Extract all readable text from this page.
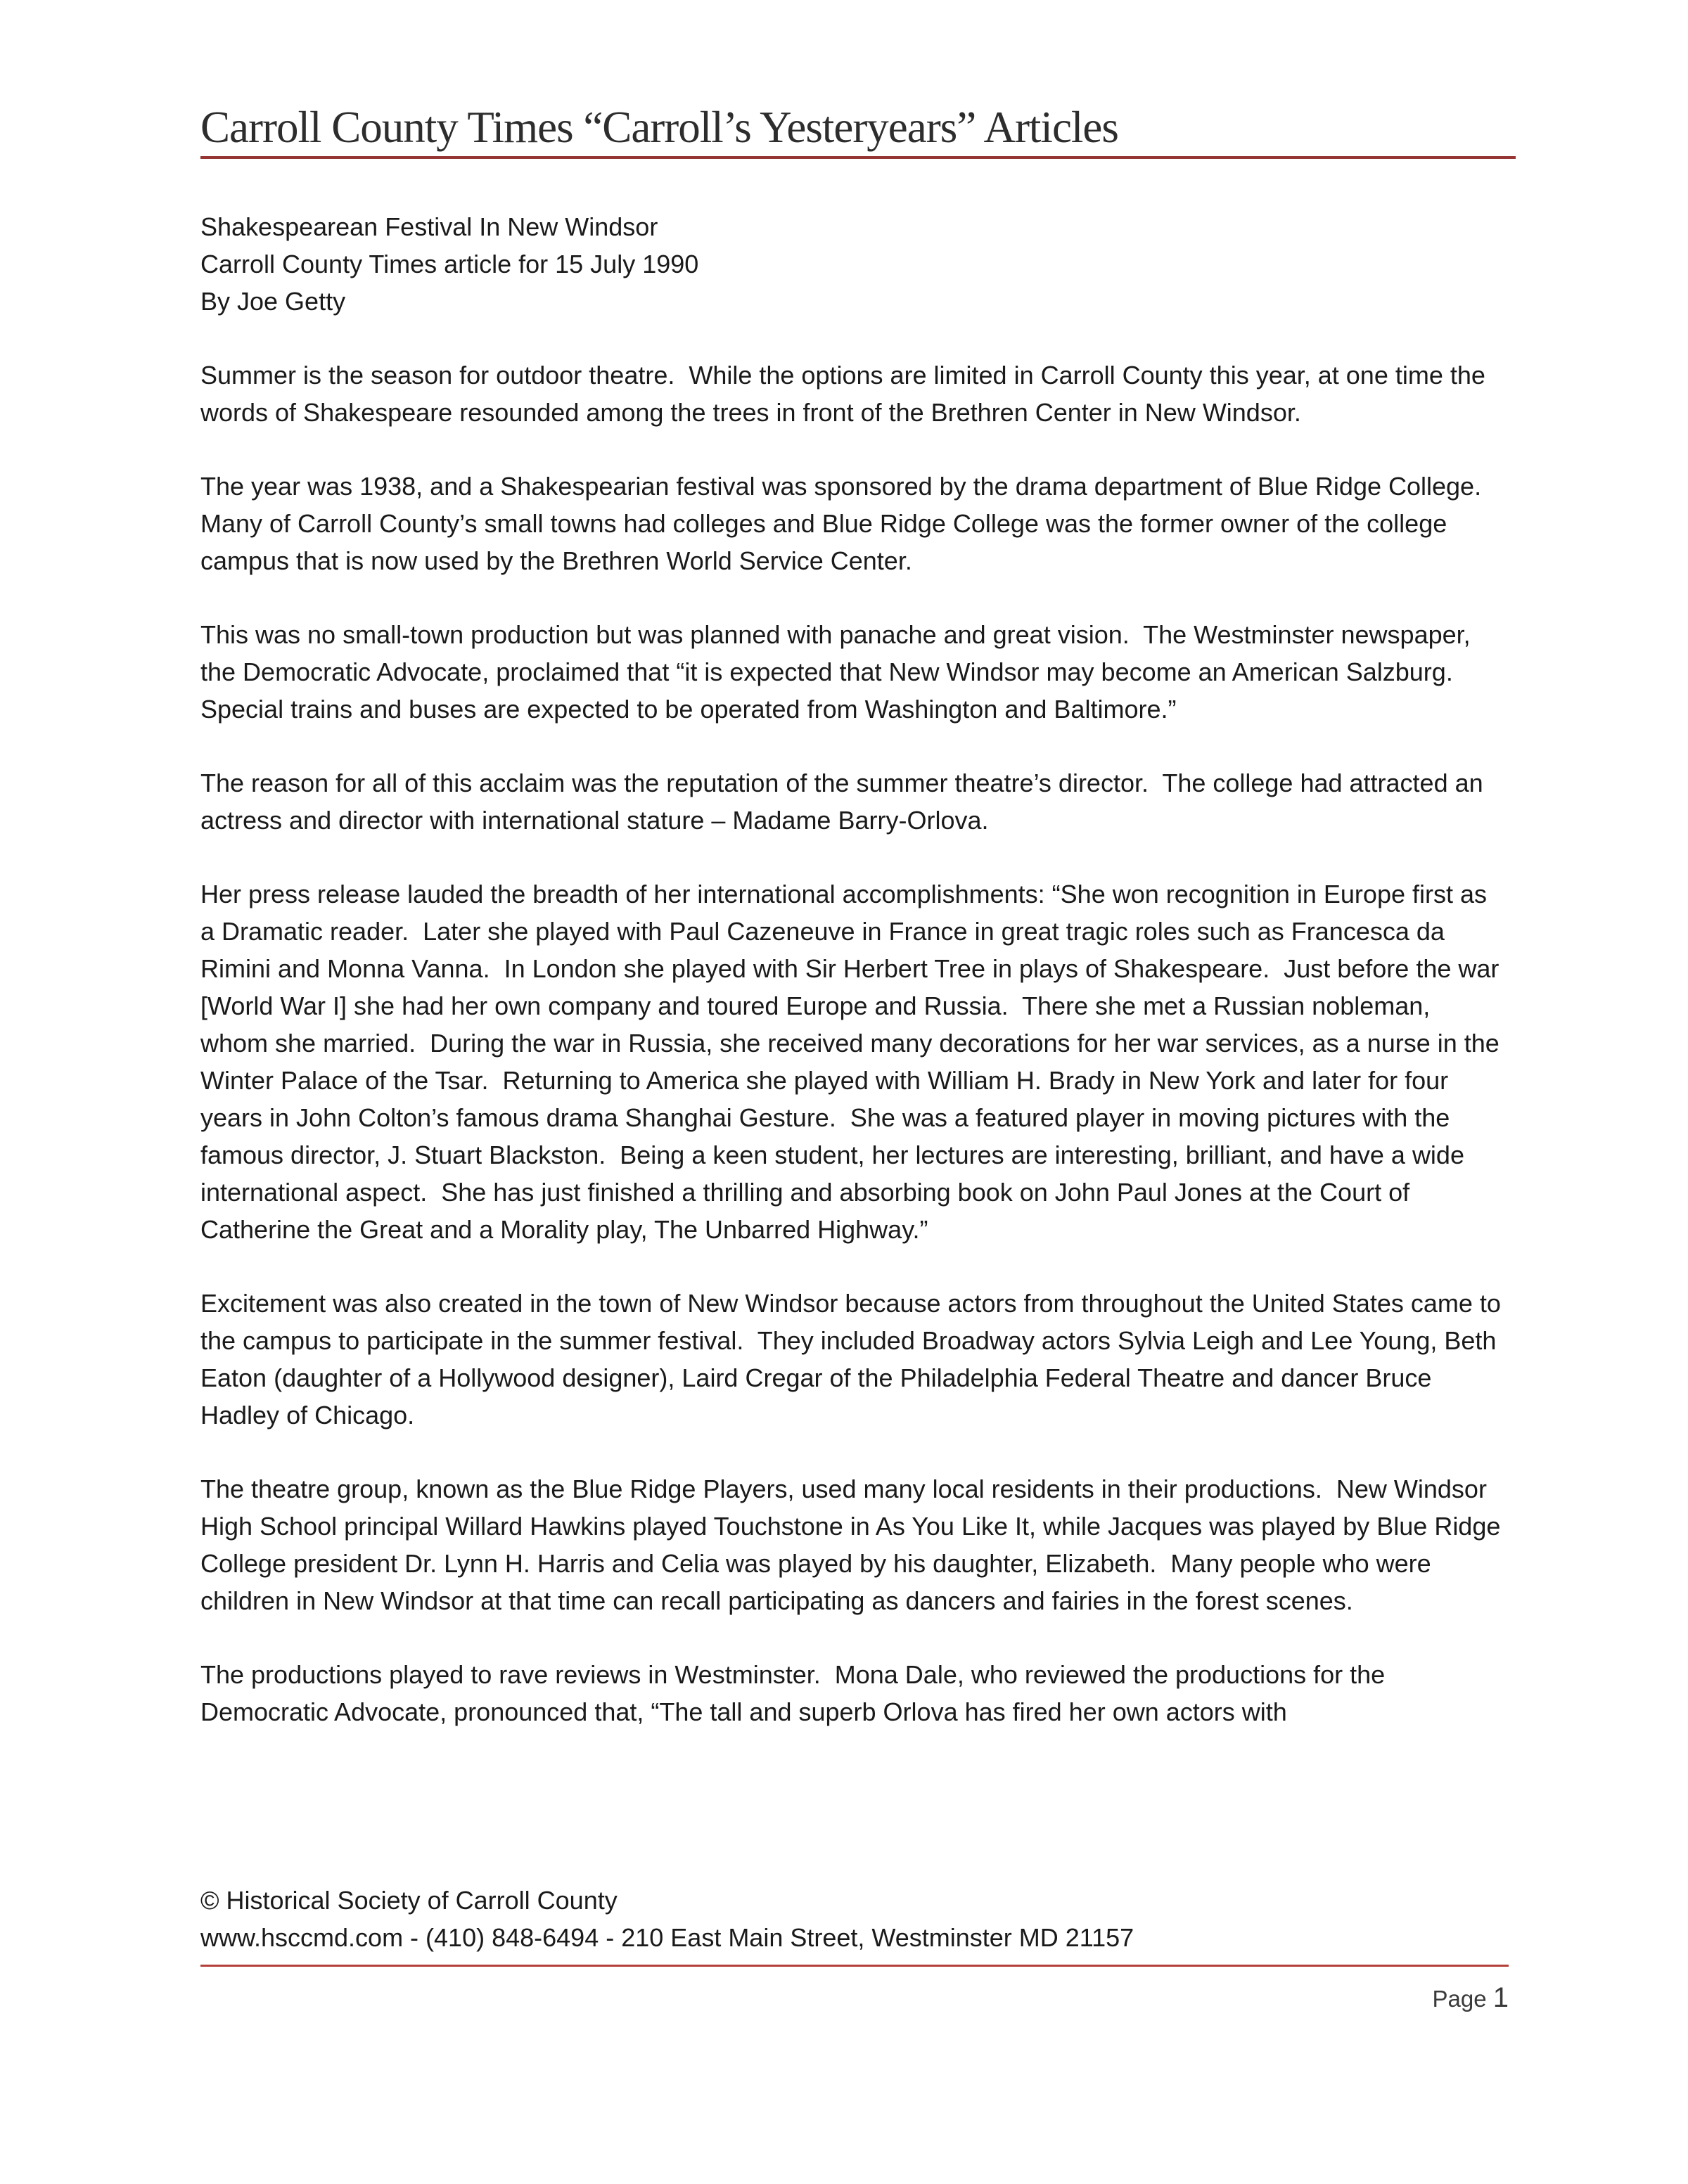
Carroll County Times “Carroll’s Yesteryears” Articles
Shakespearean Festival In New Windsor
Carroll County Times article for 15 July 1990
By Joe Getty

Summer is the season for outdoor theatre.  While the options are limited in Carroll County this year, at one time the words of Shakespeare resounded among the trees in front of the Brethren Center in New Windsor.

The year was 1938, and a Shakespearian festival was sponsored by the drama department of Blue Ridge College.  Many of Carroll County’s small towns had colleges and Blue Ridge College was the former owner of the college campus that is now used by the Brethren World Service Center.

This was no small-town production but was planned with panache and great vision.  The Westminster newspaper, the Democratic Advocate, proclaimed that “it is expected that New Windsor may become an American Salzburg.  Special trains and buses are expected to be operated from Washington and Baltimore.”

The reason for all of this acclaim was the reputation of the summer theatre’s director.  The college had attracted an actress and director with international stature – Madame Barry-Orlova.

Her press release lauded the breadth of her international accomplishments: “She won recognition in Europe first as a Dramatic reader.  Later she played with Paul Cazeneuve in France in great tragic roles such as Francesca da Rimini and Monna Vanna.  In London she played with Sir Herbert Tree in plays of Shakespeare.  Just before the war [World War I] she had her own company and toured Europe and Russia.  There she met a Russian nobleman, whom she married.  During the war in Russia, she received many decorations for her war services, as a nurse in the Winter Palace of the Tsar.  Returning to America she played with William H. Brady in New York and later for four years in John Colton’s famous drama Shanghai Gesture.  She was a featured player in moving pictures with the famous director, J. Stuart Blackston.  Being a keen student, her lectures are interesting, brilliant, and have a wide international aspect.  She has just finished a thrilling and absorbing book on John Paul Jones at the Court of Catherine the Great and a Morality play, The Unbarred Highway.”

Excitement was also created in the town of New Windsor because actors from throughout the United States came to the campus to participate in the summer festival.  They included Broadway actors Sylvia Leigh and Lee Young, Beth Eaton (daughter of a Hollywood designer), Laird Cregar of the Philadelphia Federal Theatre and dancer Bruce Hadley of Chicago.

The theatre group, known as the Blue Ridge Players, used many local residents in their productions.  New Windsor High School principal Willard Hawkins played Touchstone in As You Like It, while Jacques was played by Blue Ridge College president Dr. Lynn H. Harris and Celia was played by his daughter, Elizabeth.  Many people who were children in New Windsor at that time can recall participating as dancers and fairies in the forest scenes.

The productions played to rave reviews in Westminster.  Mona Dale, who reviewed the productions for the Democratic Advocate, pronounced that, “The tall and superb Orlova has fired her own actors with

© Historical Society of Carroll County
www.hsccmd.com - (410) 848-6494 - 210 East Main Street, Westminster MD 21157
Page 1
